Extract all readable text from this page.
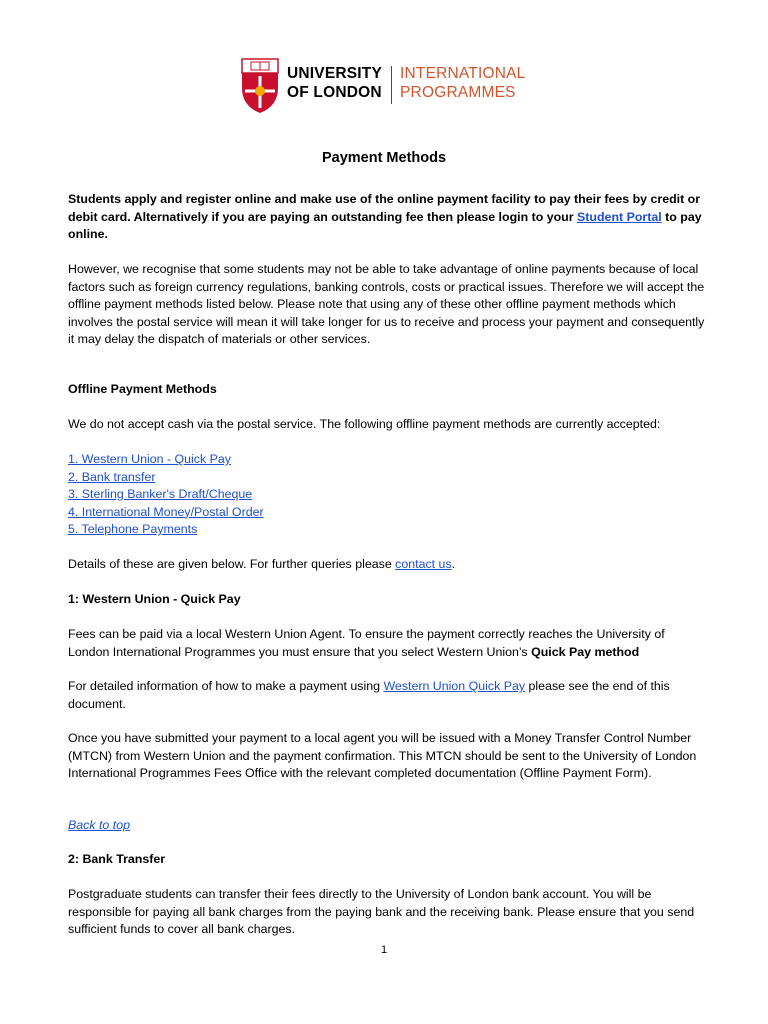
UNIVERSITY
OF LONDON
INTERNATIONAL
PROGRAMMES
Payment Methods
Students apply and register online and make use of the online payment facility to pay their fees by credit or debit card. Alternatively if you are paying an outstanding fee then please login to your Student Portal to pay online.
However, we recognise that some students may not be able to take advantage of online payments because of local factors such as foreign currency regulations, banking controls, costs or practical issues. Therefore we will accept the offline payment methods listed below. Please note that using any of these other offline payment methods which involves the postal service will mean it will take longer for us to receive and process your payment and consequently it may delay the dispatch of materials or other services.
Offline Payment Methods
We do not accept cash via the postal service. The following offline payment methods are currently accepted:
1. Western Union - Quick Pay
2. Bank transfer
3. Sterling Banker's Draft/Cheque
4. International Money/Postal Order
5. Telephone Payments
Details of these are given below. For further queries please contact us.
1: Western Union - Quick Pay
Fees can be paid via a local Western Union Agent. To ensure the payment correctly reaches the University of London International Programmes you must ensure that you select Western Union’s Quick Pay method
For detailed information of how to make a payment using Western Union Quick Pay please see the end of this document.
Once you have submitted your payment to a local agent you will be issued with a Money Transfer Control Number (MTCN) from Western Union and the payment confirmation. This MTCN should be sent to the University of London International Programmes Fees Office with the relevant completed documentation (Offline Payment Form).
Back to top
2: Bank Transfer
Postgraduate students can transfer their fees directly to the University of London bank account. You will be responsible for paying all bank charges from the paying bank and the receiving bank. Please ensure that you send sufficient funds to cover all bank charges.
1
